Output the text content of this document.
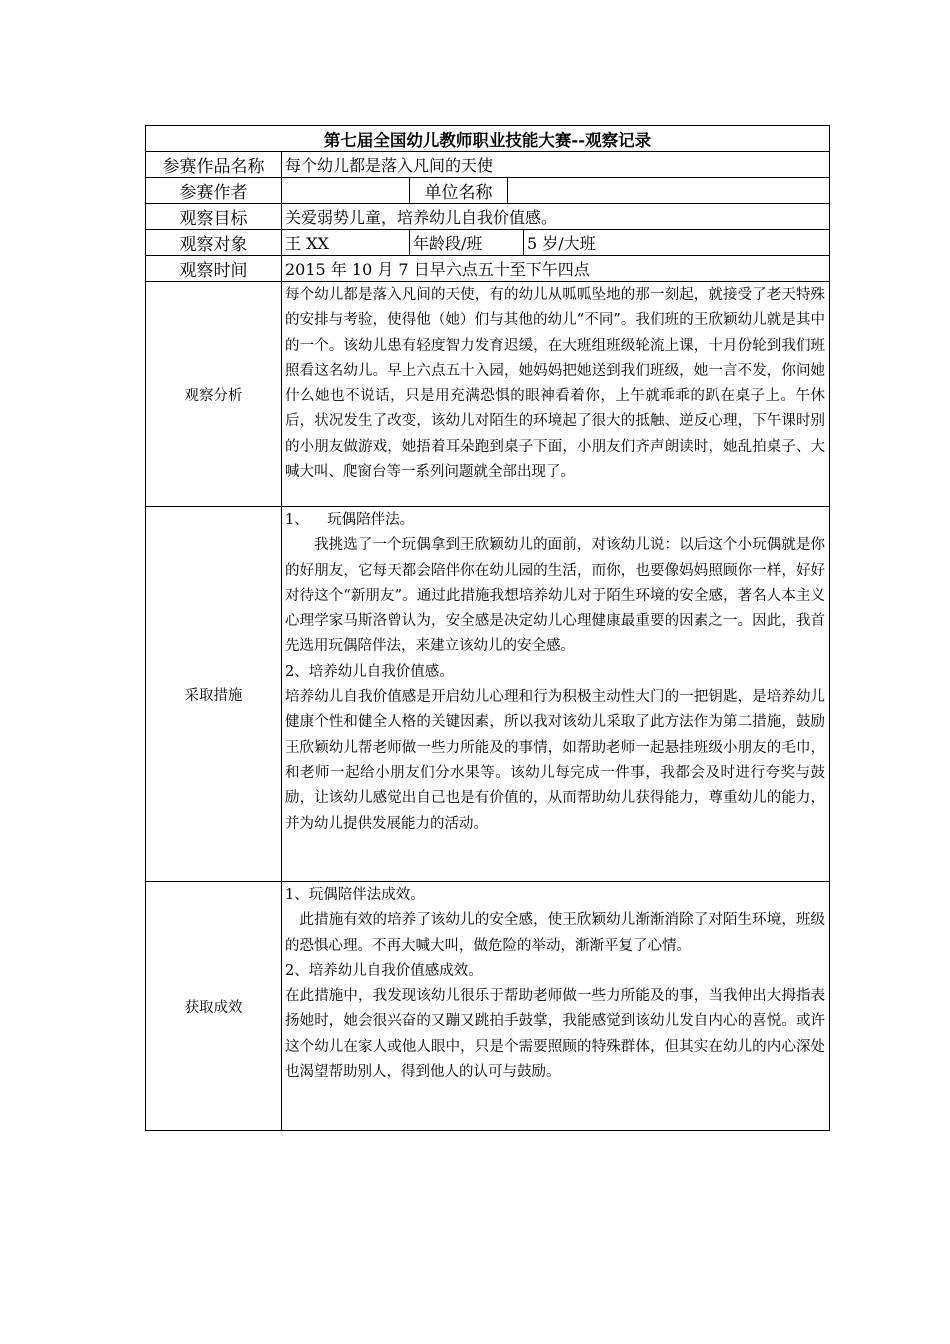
第七届全国幼儿教师职业技能大赛--观察记录				
参赛作品名称	每个幼儿都是落入凡间的天使			
参赛作者		单位名称		
观察目标	关爱弱势儿童，培养幼儿自我价值感。			
观察对象	王 XX	年龄段/班		5 岁/大班
观察时间	2015 年 10 月 7 日早六点五十至下午四点			
观察分析	每个幼儿都是落入凡间的天使，有的幼儿从呱呱坠地的那一刻起，就接受了老天特殊的安排与考验，使得他（她）们与其他的幼儿“不同”。我们班的王欣颖幼儿就是其中的一个。该幼儿患有轻度智力发育迟缓，在大班组班级轮流上课，十月份轮到我们班照看这名幼儿。早上六点五十入园，她妈妈把她送到我们班级，她一言不发，你问她什么她也不说话，只是用充满恐惧的眼神看着你，上午就乖乖的趴在桌子上。午休后，状况发生了改变，该幼儿对陌生的环境起了很大的抵触、逆反心理，下午课时别的小朋友做游戏，她捂着耳朵跑到桌子下面，小朋友们齐声朗读时，她乱拍桌子、大喊大叫、爬窗台等一系列问题就全部出现了。			

采取措施	1、    玩偶陪伴法。

我挑选了一个玩偶拿到王欣颖幼儿的面前，对该幼儿说：以后这个小玩偶就是你的好朋友，它每天都会陪伴你在幼儿园的生活，而你，也要像妈妈照顾你一样，好好对待这个“新朋友”。通过此措施我想培养幼儿对于陌生环境的安全感，著名人本主义心理学家马斯洛曾认为，安全感是决定幼儿心理健康最重要的因素之一。因此，我首先选用玩偶陪伴法，来建立该幼儿的安全感。

2、培养幼儿自我价值感。

培养幼儿自我价值感是开启幼儿心理和行为积极主动性大门的一把钥匙，是培养幼儿健康个性和健全人格的关键因素，所以我对该幼儿采取了此方法作为第二措施，鼓励王欣颖幼儿帮老师做一些力所能及的事情，如帮助老师一起悬挂班级小朋友的毛巾，和老师一起给小朋友们分水果等。该幼儿每完成一件事，我都会及时进行夸奖与鼓励，让该幼儿感觉出自己也是有价值的，从而帮助幼儿获得能力，尊重幼儿的能力，并为幼儿提供发展能力的活动。			

获取成效	1、玩偶陪伴法成效。

此措施有效的培养了该幼儿的安全感，使王欣颖幼儿渐渐消除了对陌生环境，班级的恐惧心理。不再大喊大叫，做危险的举动，渐渐平复了心情。

2、培养幼儿自我价值感成效。

在此措施中，我发现该幼儿很乐于帮助老师做一些力所能及的事，当我伸出大拇指表扬她时，她会很兴奋的又蹦又跳拍手鼓掌，我能感觉到该幼儿发自内心的喜悦。或许这个幼儿在家人或他人眼中，只是个需要照顾的特殊群体，但其实在幼儿的内心深处也渴望帮助别人，得到他人的认可与鼓励。			
